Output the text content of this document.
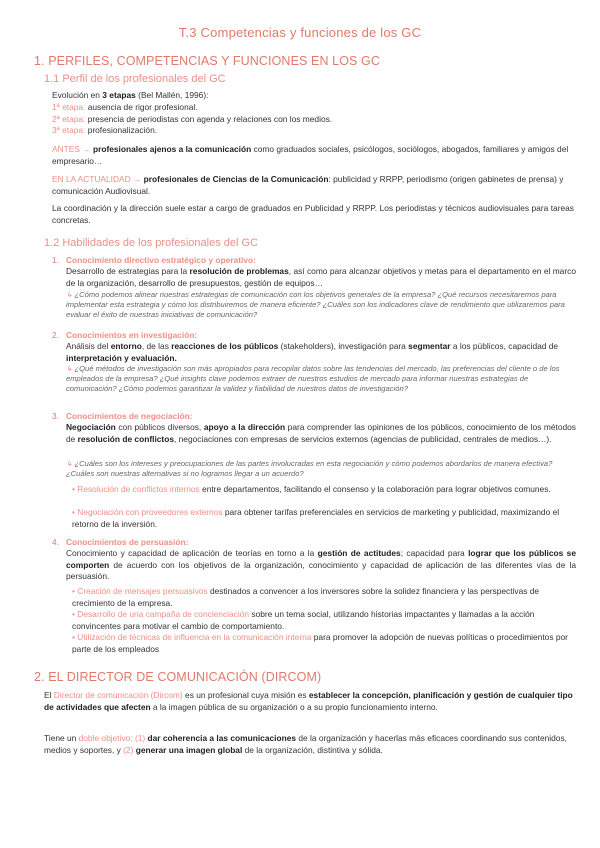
T.3 Competencias y funciones de los GC
1. PERFILES, COMPETENCIAS Y FUNCIONES EN LOS GC
1.1 Perfil de los profesionales del GC
Evolución en 3 etapas (Bel Mallén, 1996):
1ª etapa: ausencia de rigor profesional.
2ª etapa: presencia de periodistas con agenda y relaciones con los medios.
3ª etapa: profesionalización.
ANTES → profesionales ajenos a la comunicación como graduados sociales, psicólogos, sociólogos, abogados, familiares y amigos del empresario…
EN LA ACTUALIDAD → profesionales de Ciencias de la Comunicación: publicidad y RRPP, periodismo (origen gabinetes de prensa) y comunicación Audiovisual.
La coordinación y la dirección suele estar a cargo de graduados en Publicidad y RRPP. Los periodistas y técnicos audiovisuales para tareas concretas.
1.2 Habilidades de los profesionales del GC
1. Conocimiento directivo estratégico y operativo:
Desarrollo de estrategias para la resolución de problemas, así como para alcanzar objetivos y metas para el departamento en el marco de la organización, desarrollo de presupuestos, gestión de equipos…
↳ ¿Cómo podemos alinear nuestras estrategias de comunicación con los objetivos generales de la empresa? ¿Qué recursos necesitaremos para implementar esta estrategia y cómo los distribuiremos de manera eficiente? ¿Cuáles son los indicadores clave de rendimiento que utilizaremos para evaluar el éxito de nuestras iniciativas de comunicación?
2. Conocimientos en investigación:
Análisis del entorno, de las reacciones de los públicos (stakeholders), investigación para segmentar a los públicos, capacidad de interpretación y evaluación.
↳ ¿Qué métodos de investigación son más apropiados para recopilar datos sobre las tendencias del mercado, las preferencias del cliente o de los empleados de la empresa? ¿Qué insights clave podemos extraer de nuestros estudios de mercado para informar nuestras estrategias de comunicación? ¿Cómo podemos garantizar la validez y fiabilidad de nuestros datos de investigación?
3. Conocimientos de negociación:
Negociación con públicos diversos, apoyo a la dirección para comprender las opiniones de los públicos, conocimiento de los métodos de resolución de conflictos, negociaciones con empresas de servicios externos (agencias de publicidad, centrales de medios…).
↳ ¿Cuáles son los intereses y preocupaciones de las partes involucradas en esta negociación y cómo podemos abordarlos de manera efectiva? ¿Cuáles son nuestras alternativas si no logramos llegar a un acuerdo?
• Resolución de conflictos internos entre departamentos, facilitando el consenso y la colaboración para lograr objetivos comunes.
• Negociación con proveedores externos para obtener tarifas preferenciales en servicios de marketing y publicidad, maximizando el retorno de la inversión.
4. Conocimientos de persuasión:
Conocimiento y capacidad de aplicación de teorías en torno a la gestión de actitudes; capacidad para lograr que los públicos se comporten de acuerdo con los objetivos de la organización, conocimiento y capacidad de aplicación de las diferentes vías de la persuasión.
• Creación de mensajes persuasivos destinados a convencer a los inversores sobre la solidez financiera y las perspectivas de crecimiento de la empresa.
• Desarrollo de una campaña de concienciación sobre un tema social, utilizando historias impactantes y llamadas a la acción convincentes para motivar el cambio de comportamiento.
• Utilización de técnicas de influencia en la comunicación interna para promover la adopción de nuevas políticas o procedimientos por parte de los empleados
2. EL DIRECTOR DE COMUNICACIÓN (DIRCOM)
El Director de comunicación (Dircom) es un profesional cuya misión es establecer la concepción, planificación y gestión de cualquier tipo de actividades que afecten a la imagen pública de su organización o a su propio funcionamiento interno.
Tiene un doble objetivo: (1) dar coherencia a las comunicaciones de la organización y hacerlas más eficaces coordinando sus contenidos, medios y soportes, y (2) generar una imagen global de la organización, distintiva y sólida.
